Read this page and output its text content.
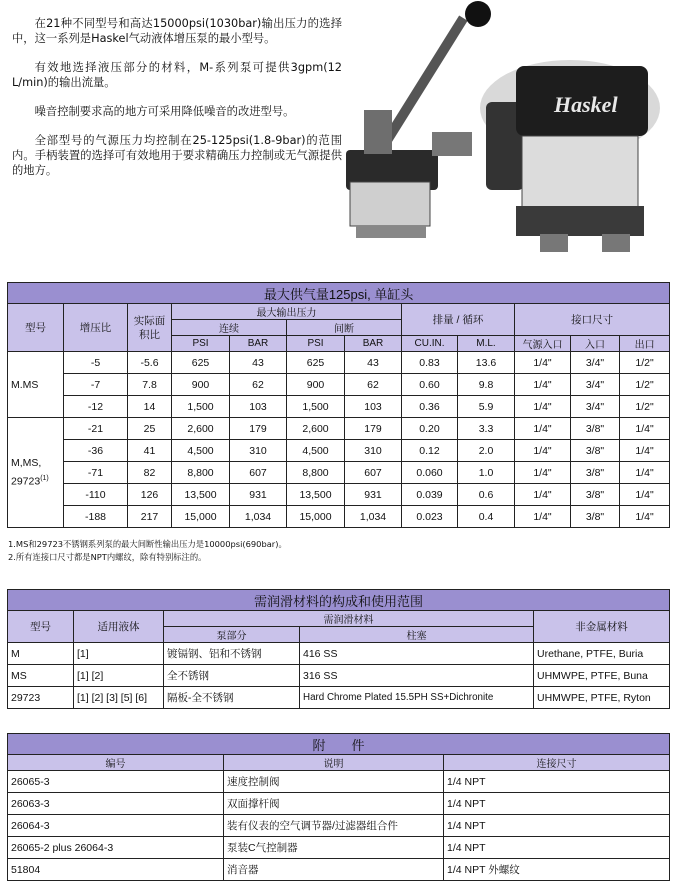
在21种不同型号和高达15000psi(1030bar)输出压力的选择中，这一系列是Haskel气动液体增压泵的最小型号。

有效地选择液压部分的材料，M-系列泵可提供3gpm(12 L/min)的输出流量。

噪音控制要求高的地方可采用降低噪音的改进型号。

全部型号的气源压力均控制在25-125psi(1.8-9bar)的范围内。手柄装置的选择可有效地用于要求精确压力控制或无气源提供的地方。

Haskel
最大供气量125psi, 单缸头											
型号	增压比	实际面积比	最大输出压力				排量 / 循环		接口尺寸		
			连续		间断						
			PSI	BAR	PSI	BAR	CU.IN.	M.L.	气源入口	入口	出口
M.MS	-5	-5.6	625	43	625	43	0.83	13.6	1/4"	3/4"	1/2"
	-7	7.8	900	62	900	62	0.60	9.8	1/4"	3/4"	1/2"
	-12	14	1,500	103	1,500	103	0.36	5.9	1/4"	3/4"	1/2"
M,MS,
29723$^{(1)}$	-21	25	2,600	179	2,600	179	0.20	3.3	1/4"	3/8"	1/4"
	-36	41	4,500	310	4,500	310	0.12	2.0	1/4"	3/8"	1/4"
	-71	82	8,800	607	8,800	607	0.060	1.0	1/4"	3/8"	1/4"
	-110	126	13,500	931	13,500	931	0.039	0.6	1/4"	3/8"	1/4"
	-188	217	15,000	1,034	15,000	1,034	0.023	0.4	1/4"	3/8"	1/4"
1.MS和29723不锈钢系列泵的最大间断性输出压力是10000psi(690bar)。
2.所有连接口尺寸都是NPT内螺纹，除有特别标注的。
需润滑材料的构成和使用范围				
型号	适用液体	需润滑材料		非金属材料
		泵部分	柱塞	
M	[1]	镀镉钢、铝和不锈钢	416 SS	Urethane, PTFE, Buria
MS	[1] [2]	全不锈钢	316 SS	UHMWPE, PTFE, Buna
29723	[1] [2] [3] [5] [6]	隔板-全不锈钢	Hard Chrome Plated 15.5PH SS+Dichronite	UHMWPE, PTFE, Ryton
附　　件		
编号	说明	连接尺寸
26065-3	速度控制阀	1/4 NPT
26063-3	双面撑杆阀	1/4 NPT
26064-3	装有仪表的空气调节器/过滤器组合件	1/4 NPT
26065-2 plus 26064-3	泵装C气控制器	1/4 NPT
51804	消音器	1/4 NPT 外螺纹
